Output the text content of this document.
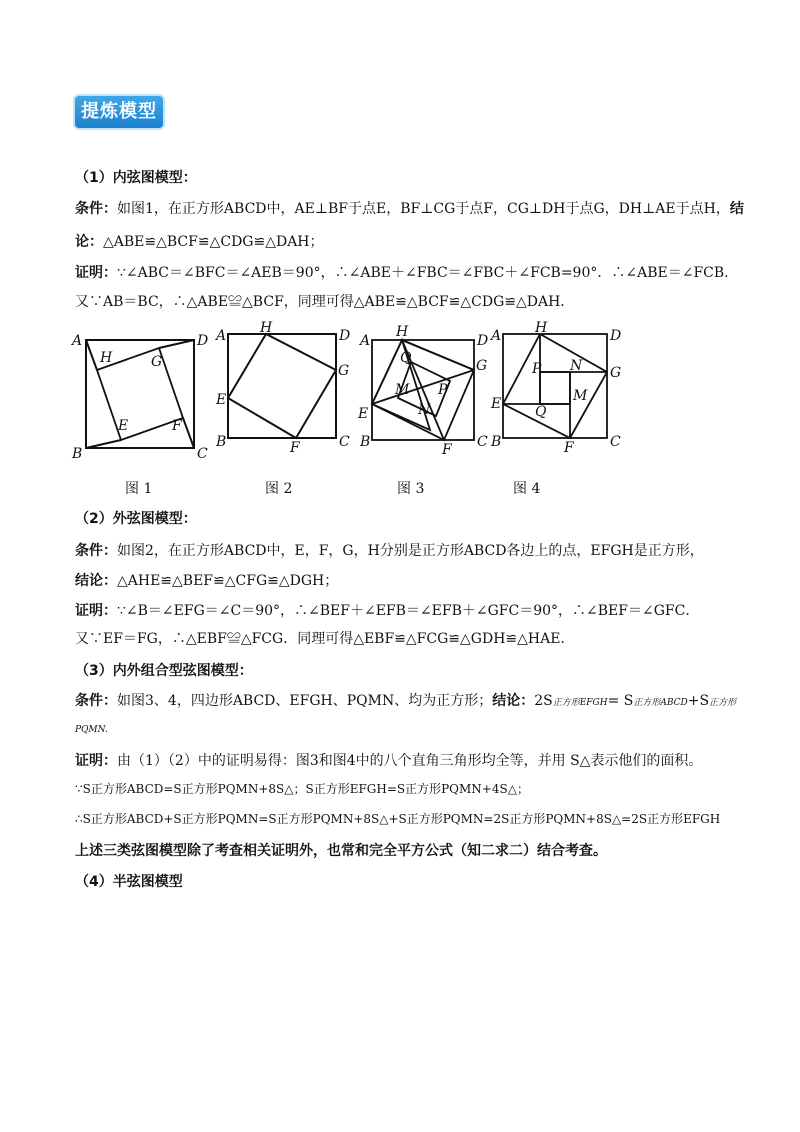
提炼模型
（1）内弦图模型：
条件：如图1，在正方形ABCD中，AE⊥BF于点E，BF⊥CG于点F，CG⊥DH于点G，DH⊥AE于点H，结
论：△ABE≌△BCF≌△CDG≌△DAH；
证明：∵∠ABC＝∠BFC＝∠AEB＝90°，∴∠ABE＋∠FBC＝∠FBC＋∠FCB=90°．∴∠ABE＝∠FCB．
又∵AB＝BC，∴△ABE≌△BCF，同理可得△ABE≌△BCF≌△CDG≌△DAH．
A
B	C
D
E	F
G
H
A
B	C
D
E
F
G
H
A
B	C
D
E
F
G
H
M
N
P
Q
A
B	C
D
E
F
G
H
M
N
P
Q
图 1	图 2	图 3	图 4
（2）外弦图模型：
条件：如图2，在正方形ABCD中，E，F，G，H分别是正方形ABCD各边上的点，EFGH是正方形，
结论：△AHE≌△BEF≌△CFG≌△DGH；
证明：∵∠B＝∠EFG＝∠C＝90°，∴∠BEF＋∠EFB＝∠EFB＋∠GFC＝90°，∴∠BEF＝∠GFC．
又∵EF＝FG，∴△EBF≌△FCG．同理可得△EBF≌△FCG≌△GDH≌△HAE．
（3）内外组合型弦图模型：
条件：如图3、4，四边形ABCD、EFGH、PQMN、均为正方形；结论：2S正方形EFGH= S正方形ABCD+S正方形
PQMN.
证明：由（1）（2）中的证明易得：图3和图4中的八个直角三角形均全等，并用 S△表示他们的面积。
∵S正方形ABCD=S正方形PQMN+8S△；S正方形EFGH=S正方形PQMN+4S△；
∴S正方形ABCD+S正方形PQMN=S正方形PQMN+8S△+S正方形PQMN=2S正方形PQMN+8S△=2S正方形EFGH
上述三类弦图模型除了考查相关证明外，也常和完全平方公式（知二求二）结合考查。
（4）半弦图模型
